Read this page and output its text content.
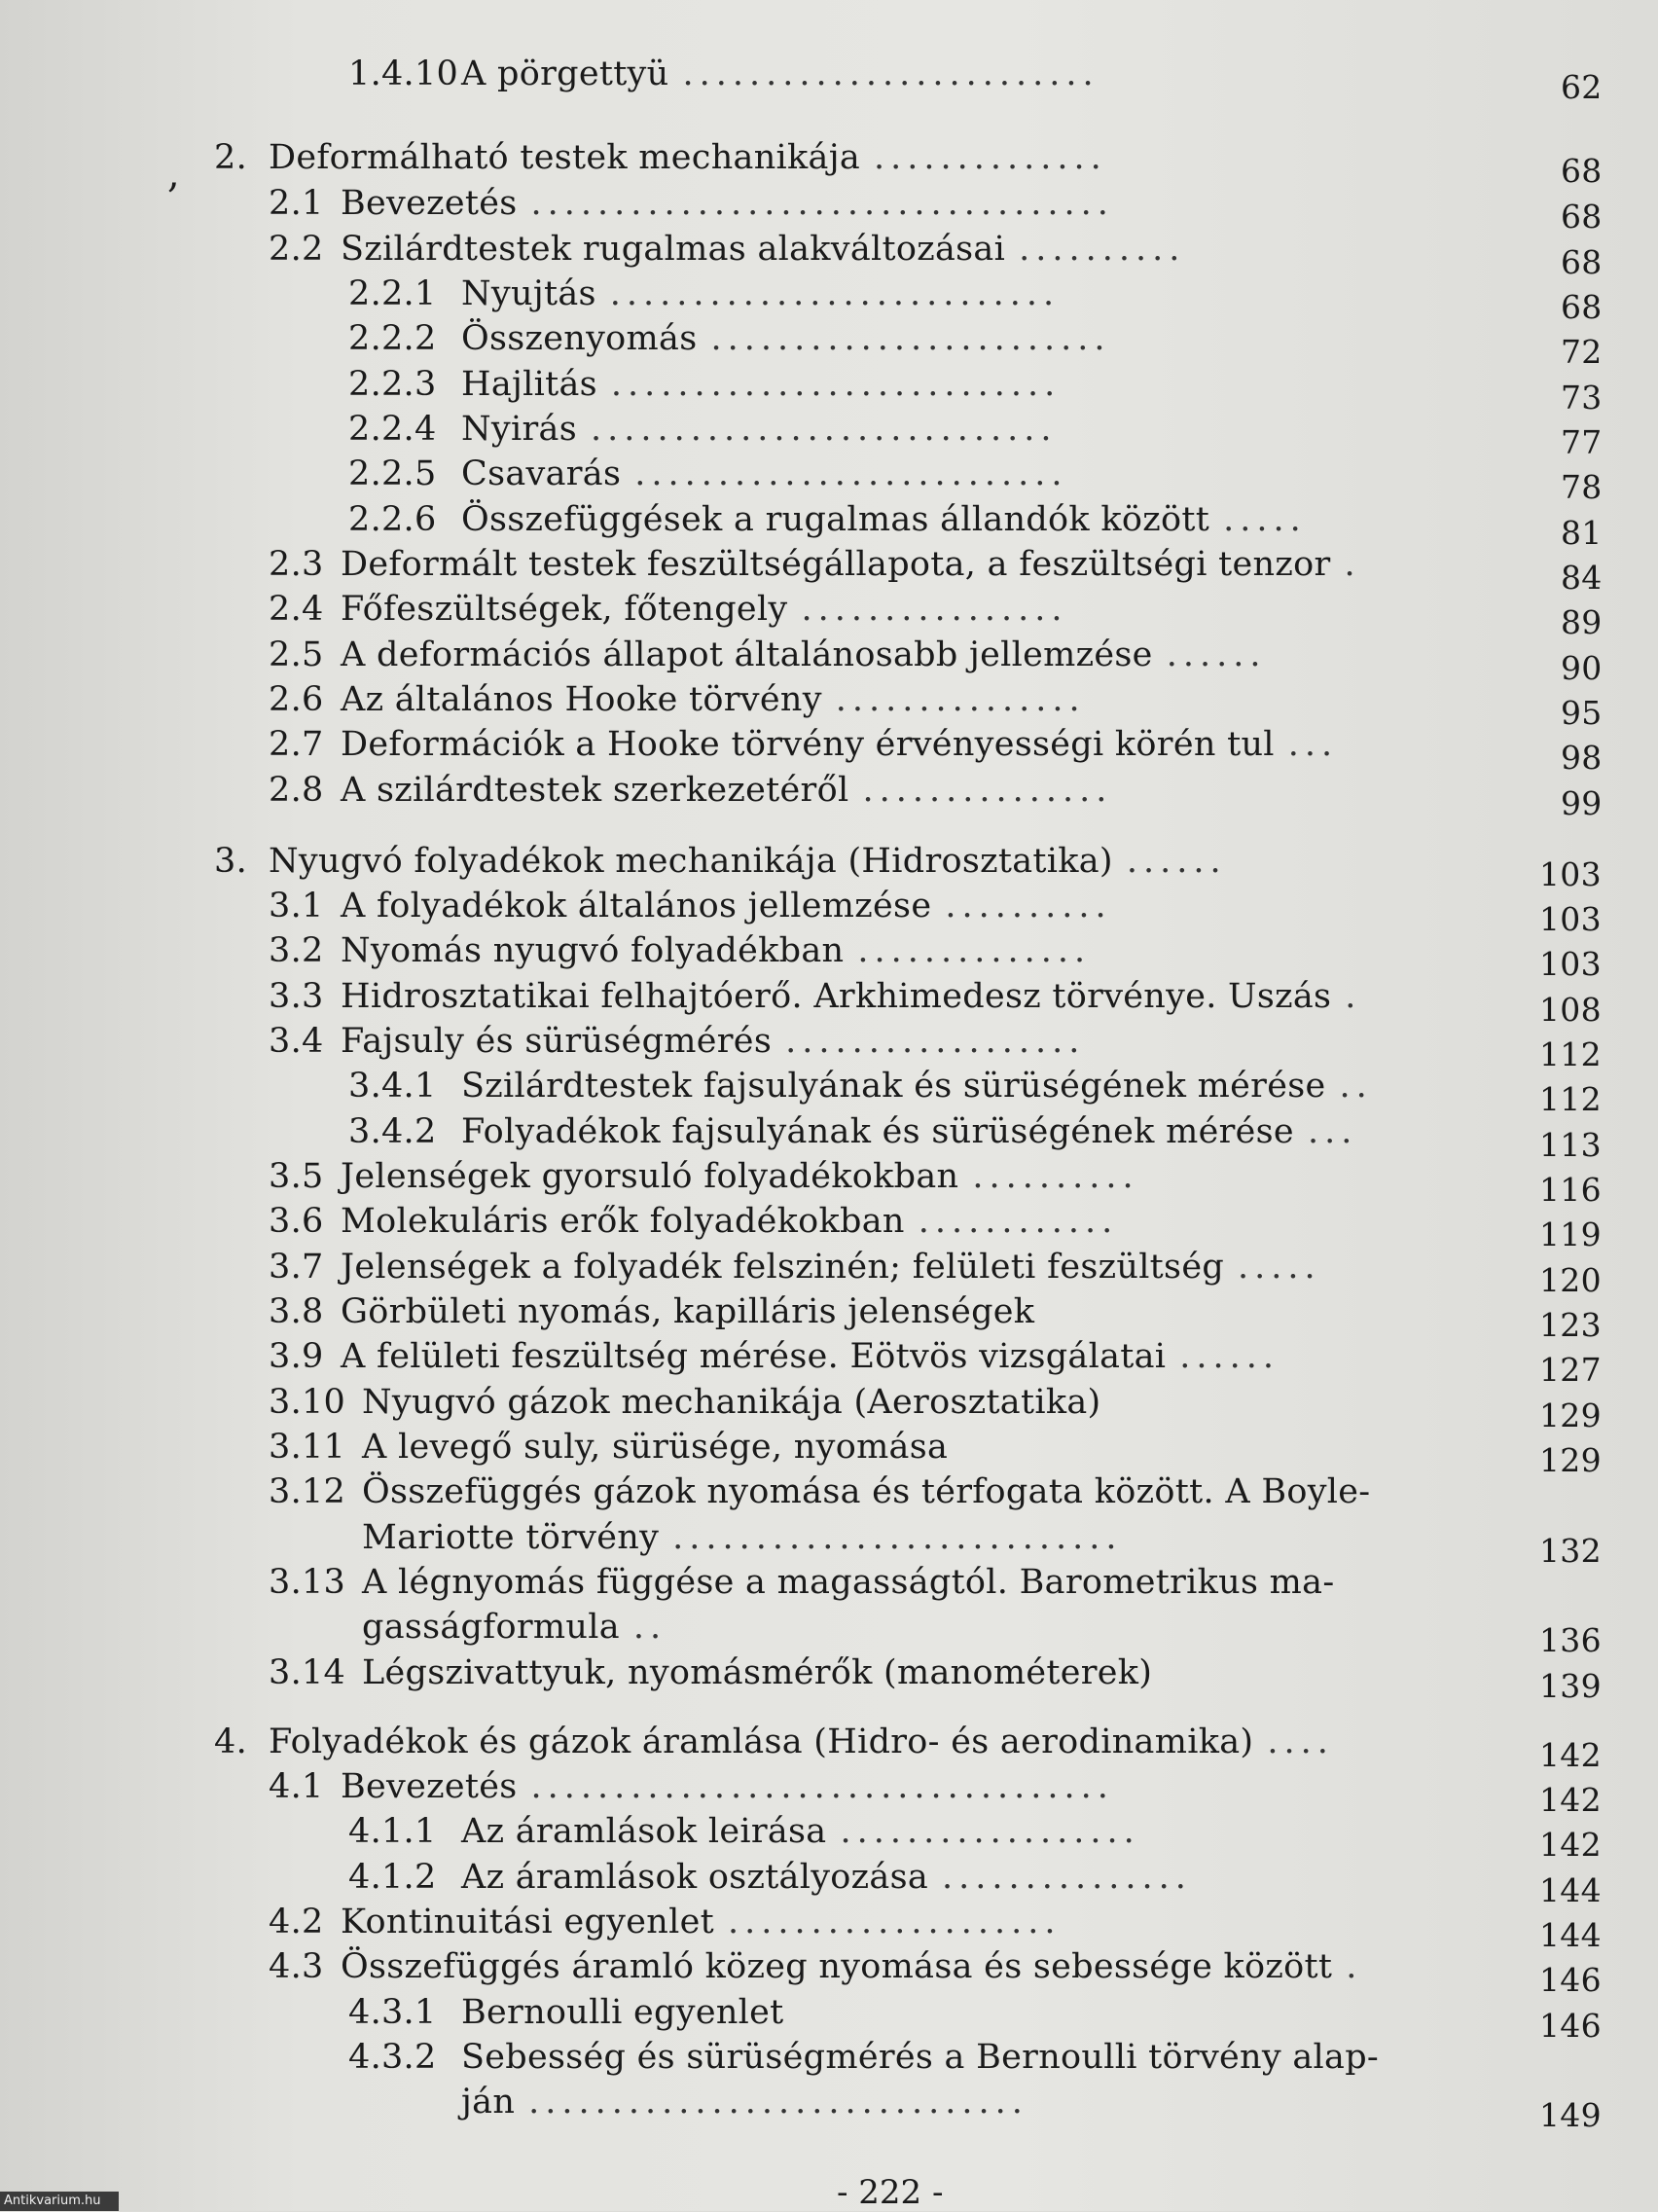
1.4.10 A pörgettyü .........................	62
2. Deformálható testek mechanikája ..............	68
2.1 Bevezetés ...................................	68
2.2 Szilárdtestek rugalmas alakváltozásai ..........	68
2.2.1 Nyujtás ...........................	68
2.2.2 Összenyomás ........................	72
2.2.3 Hajlitás ...........................	73
2.2.4 Nyirás ............................	77
2.2.5 Csavarás ..........................	78
2.2.6 Összefüggések a rugalmas állandók között .....	81
2.3 Deformált testek feszültségállapota, a feszültségi tenzor .	84
2.4 Főfeszültségek, főtengely ................	89
2.5 A deformációs állapot általánosabb jellemzése ......	90
2.6 Az általános Hooke törvény ...............	95
2.7 Deformációk a Hooke törvény érvényességi körén tul ...	98
2.8 A szilárdtestek szerkezetéről ...............	99
3. Nyugvó folyadékok mechanikája (Hidrosztatika) ......	103
3.1 A folyadékok általános jellemzése ..........	103
3.2 Nyomás nyugvó folyadékban ..............	103
3.3 Hidrosztatikai felhajtóerő. Arkhimedesz törvénye. Uszás .	108
3.4 Fajsuly és sürüségmérés ..................	112
3.4.1 Szilárdtestek fajsulyának és sürüségének mérése ..	112
3.4.2 Folyadékok fajsulyának és sürüségének mérése ...	113
3.5 Jelenségek gyorsuló folyadékokban ..........	116
3.6 Molekuláris erők folyadékokban ............	119
3.7 Jelenségek a folyadék felszinén; felületi feszültség .....	120
3.8 Görbületi nyomás, kapilláris jelenségek	123
3.9 A felületi feszültség mérése. Eötvös vizsgálatai ......	127
3.10 Nyugvó gázok mechanikája (Aerosztatika)	129
3.11 A levegő suly, sürüsége, nyomása	129
3.12 Összefüggés gázok nyomása és térfogata között. A Boyle-
Mariotte törvény ...........................	132
3.13 A légnyomás függése a magasságtól. Barometrikus ma-
gasságformula ..	136
3.14 Légszivattyuk, nyomásmérők (manométerek)	139
4. Folyadékok és gázok áramlása (Hidro- és aerodinamika) ....	142
4.1 Bevezetés ...................................	142
4.1.1 Az áramlások leirása ..................	142
4.1.2 Az áramlások osztályozása ...............	144
4.2 Kontinuitási egyenlet ....................	144
4.3 Összefüggés áramló közeg nyomása és sebessége között .	146
4.3.1 Bernoulli egyenlet	146
4.3.2 Sebesség és sürüségmérés a Bernoulli törvény alap-
ján ..............................	149
,
- 222 -
Antikvarium.hu
